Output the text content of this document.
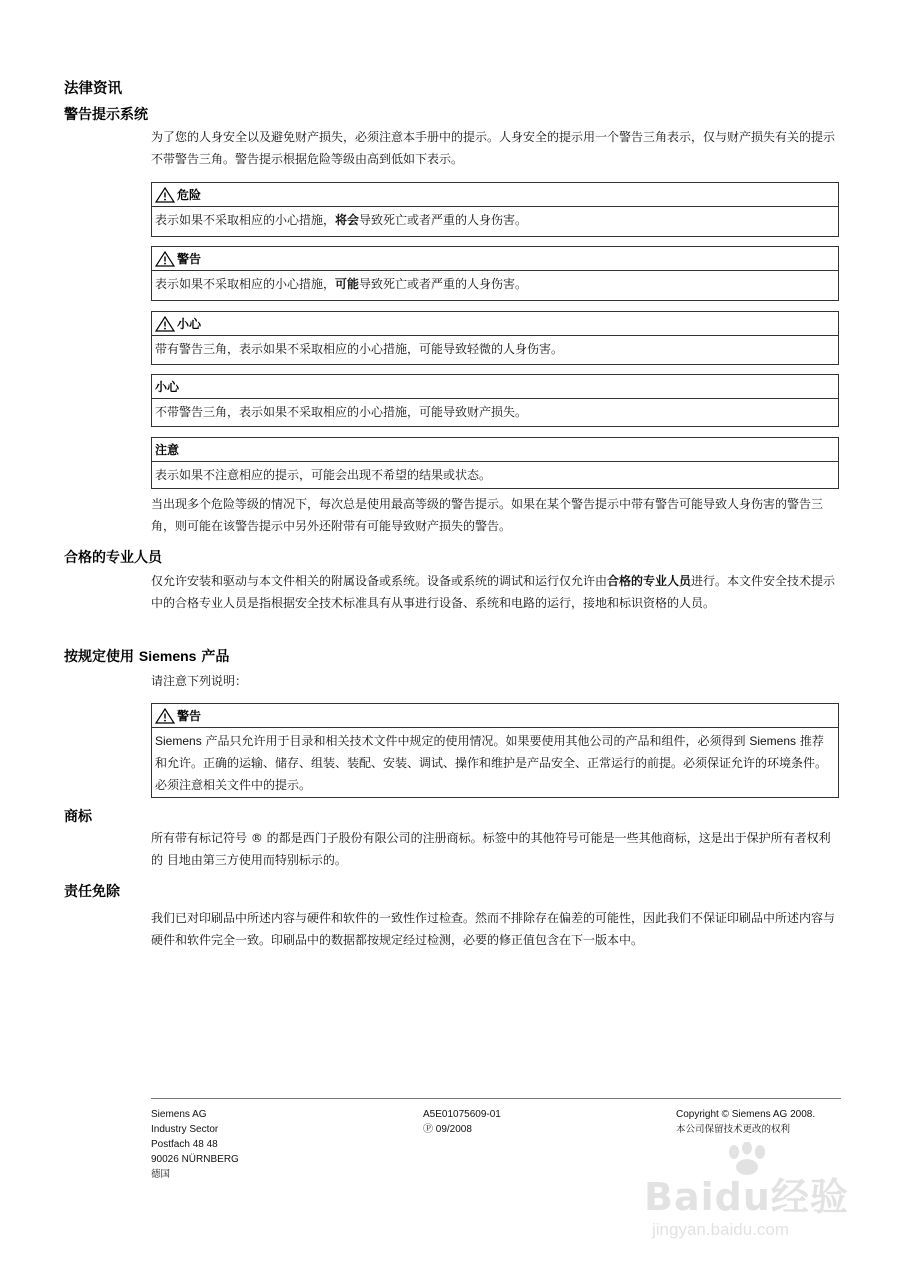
法律资讯
警告提示系统

为了您的人身安全以及避免财产损失，必须注意本手册中的提示。人身安全的提示用一个警告三角表示，仅与财产损失有关的提示不带警告三角。警告提示根据危险等级由高到低如下表示。

危险
表示如果不采取相应的小心措施，将会导致死亡或者严重的人身伤害。
警告
表示如果不采取相应的小心措施，可能导致死亡或者严重的人身伤害。
小心
带有警告三角，表示如果不采取相应的小心措施，可能导致轻微的人身伤害。
小心
不带警告三角，表示如果不采取相应的小心措施，可能导致财产损失。
注意
表示如果不注意相应的提示，可能会出现不希望的结果或状态。

当出现多个危险等级的情况下，每次总是使用最高等级的警告提示。如果在某个警告提示中带有警告可能导致人身伤害的警告三角，则可能在该警告提示中另外还附带有可能导致财产损失的警告。

合格的专业人员

仅允许安装和驱动与本文件相关的附属设备或系统。设备或系统的调试和运行仅允许由合格的专业人员进行。本文件安全技术提示中的合格专业人员是指根据安全技术标准具有从事进行设备、系统和电路的运行，接地和标识资格的人员。

按规定使用 Siemens 产品

请注意下列说明：

警告
Siemens 产品只允许用于目录和相关技术文件中规定的使用情况。如果要使用其他公司的产品和组件，必须得到 Siemens 推荐和允许。正确的运输、储存、组装、装配、安装、调试、操作和维护是产品安全、正常运行的前提。必须保证允许的环境条件。必须注意相关文件中的提示。
商标

所有带有标记符号 ® 的都是西门子股份有限公司的注册商标。标签中的其他符号可能是一些其他商标，这是出于保护所有者权利的 目地由第三方使用而特别标示的。

责任免除

我们已对印刷品中所述内容与硬件和软件的一致性作过检查。然而不排除存在偏差的可能性，因此我们不保证印刷品中所述内容与硬件和软件完全一致。印刷品中的数据都按规定经过检测，必要的修正值包含在下一版本中。

Siemens AG
Industry Sector
Postfach 48 48
90026 NÜRNBERG
德国
A5E01075609-01
Ⓟ 09/2008
Copyright © Siemens AG 2008.
本公司保留技术更改的权利
Baidu经验
jingyan.baidu.com
